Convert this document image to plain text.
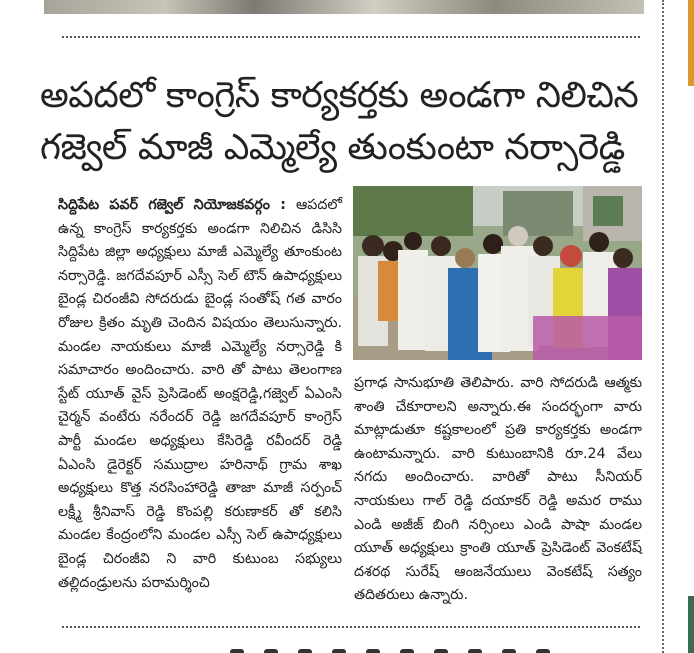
అపదలో కాంగ్రెస్ కార్యకర్తకు అండగా నిలిచిన
గజ్వెల్ మాజీ ఎమ్మెల్యే తుంకుంటా నర్సారెడ్డి
సిద్దిపేట పవర్ గజ్వెల్ నియోజకవర్గం : ఆపదలో ఉన్న కాంగ్రెస్ కార్యకర్తకు అండగా నిలిచిన డిసిసి సిద్దిపేట జిల్లా అధ్యక్షులు మాజీ ఎమ్మెల్యే తూంకుంట నర్సారెడ్డి. జగదేవపూర్ ఎస్సీ సెల్ టౌన్ ఉపాధ్యక్షులు బైండ్ల చిరంజీవి సోదరుడు బైండ్ల సంతోష్ గత వారం రోజుల క్రితం మృతి చెందిన విషయం తెలుసున్నారు. మండల నాయకులు మాజీ ఎమ్మెల్యే నర్సారెడ్డి కి సమాచారం అందించారు. వారి తో పాటు తెలంగాణ స్టేట్ యూత్ వైస్ ప్రెసిడెంట్ అంక్షరెడ్డి,గజ్వెల్ ఏఎంసి చైర్మన్ వంటేరు నరేందర్ రెడ్డి జగదేవపూర్ కాంగ్రెస్ పార్టీ మండల అధ్యక్షులు కేసిరెడ్డి రవీందర్ రెడ్డి ఏఎంసి డైరెక్టర్ సముద్రాల హరినాథ్ గ్రామ శాఖ అధ్యక్షులు కొత్త నరసింహారెడ్డి తాజా మాజీ సర్పంచ్ లక్ష్మీ శ్రీనివాస్ రెడ్డి కొంపల్లి కరుణాకర్ తో కలిసి మండల కేంద్రంలోని మండల ఎస్సీ సెల్ ఉపాధ్యక్షులు బైండ్ల చిరంజీవి ని వారి కుటుంబ సభ్యులు తల్లిదండ్రులను పరామర్శించి
ప్రగాఢ సానుభూతి తెలిపారు. వారి సోదరుడి ఆత్మకు శాంతి చేకూరాలని అన్నారు.ఈ సందర్భంగా వారు మాట్లాడుతూ కష్టకాలంలో ప్రతి కార్యకర్తకు అండగా ఉంటామన్నారు. వారి కుటుంబానికి రూ.24 వేలు నగదు అందించారు. వారితో పాటు సీనియర్ నాయకులు గాల్ రెడ్డి దయాకర్ రెడ్డి అమర రాము ఎండి అజీజ్ బింగి నర్సింలు ఎండి పాషా మండల యూత్ అధ్యక్షులు క్రాంతి యూత్ ప్రెసిడెంట్ వెంకటేష్ దశరథ సురేష్ ఆంజనేయులు వెంకటేష్ సత్యం తదితరులు ఉన్నారు.
